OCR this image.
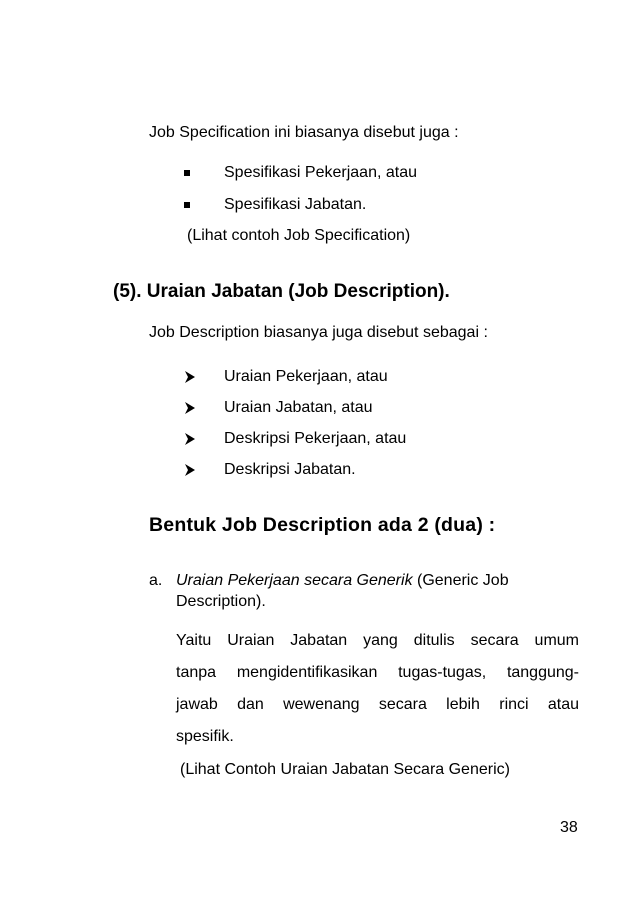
Job Specification ini biasanya disebut juga :
Spesifikasi Pekerjaan, atau
Spesifikasi Jabatan.
(Lihat contoh Job Specification)
(5). Uraian Jabatan (Job Description).
Job Description biasanya juga disebut sebagai :
Uraian Pekerjaan, atau
Uraian Jabatan, atau
Deskripsi Pekerjaan, atau
Deskripsi Jabatan.
Bentuk Job Description ada 2 (dua) :
a. Uraian Pekerjaan secara Generik (Generic Job
Description).
Yaitu Uraian Jabatan yang ditulis secara umum
tanpa mengidentifikasikan tugas-tugas, tanggung-
jawab dan wewenang secara lebih rinci atau
spesifik.
(Lihat Contoh Uraian Jabatan Secara Generic)
38
